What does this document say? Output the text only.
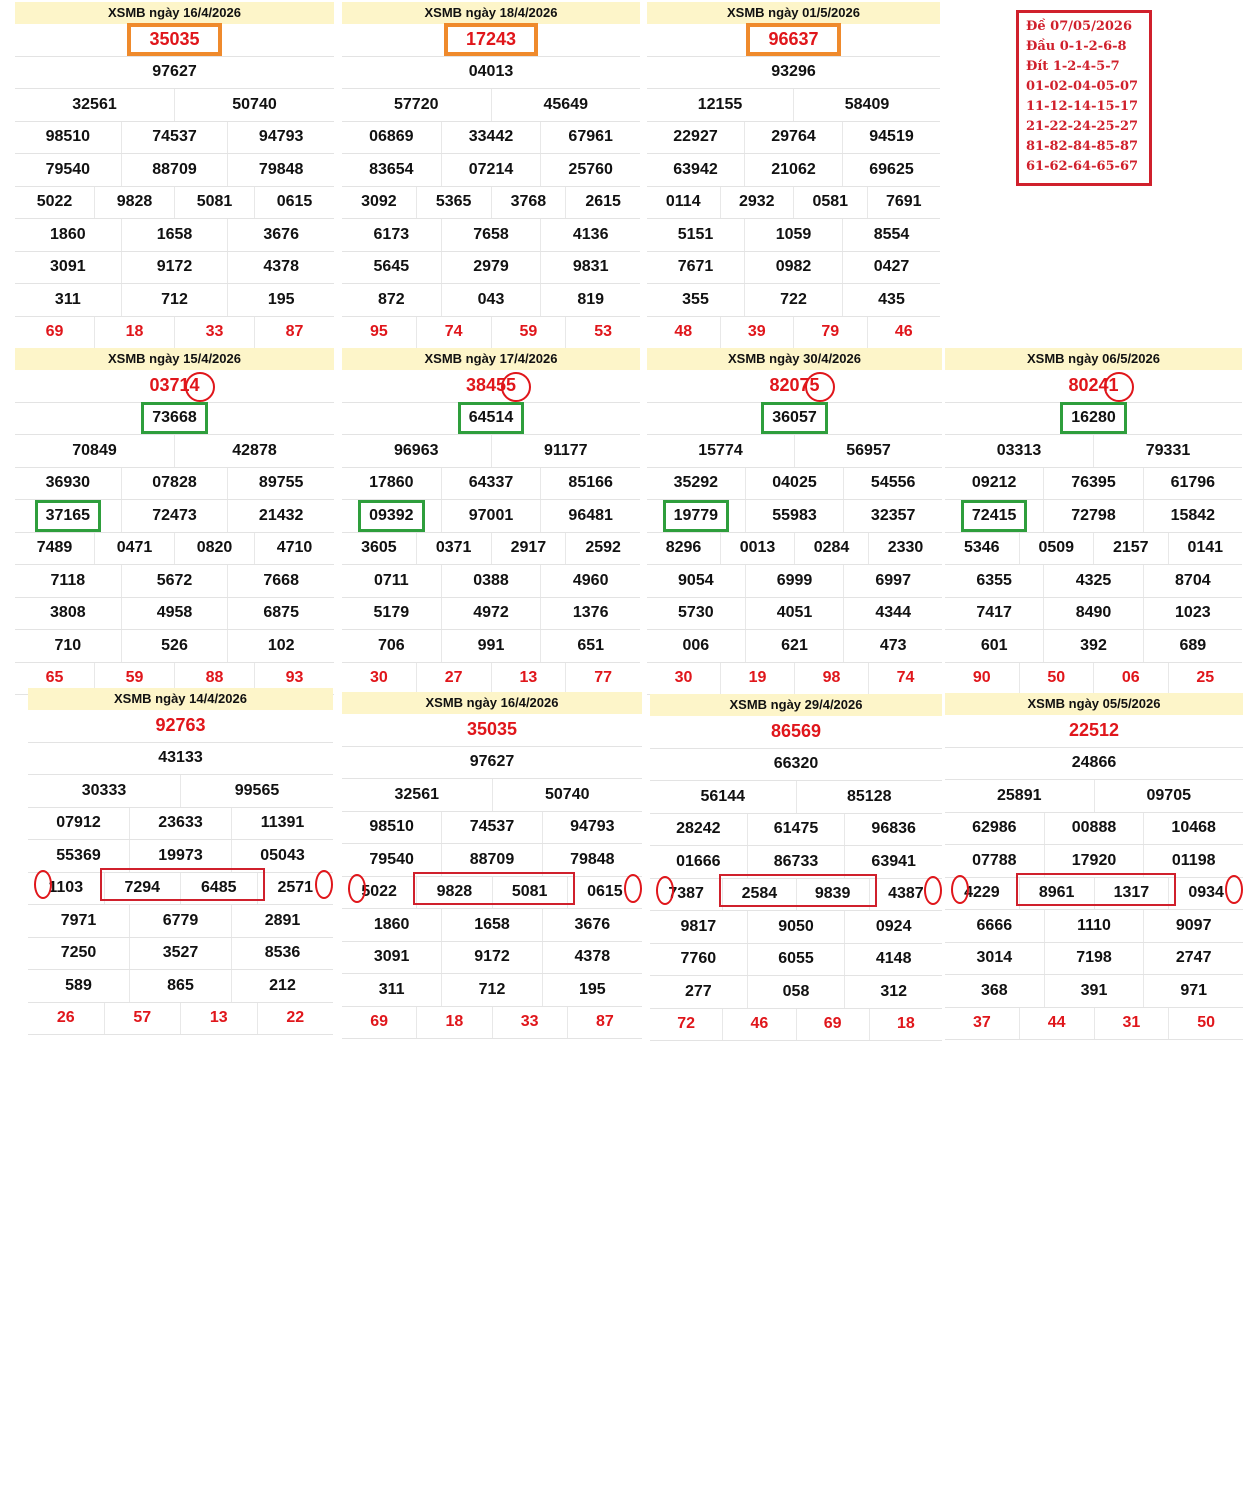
XSMB ngày 16/4/2026
35035
97627
32561	50740
98510	74537	94793
79540	88709	79848
5022	9828	5081	0615
1860	1658	3676
3091	9172	4378
311	712	195
69	18	33	87
XSMB ngày 18/4/2026
17243
04013
57720	45649
06869	33442	67961
83654	07214	25760
3092 5365 3768 2615
6173	7658	4136
5645	2979	9831
872	043	819
95	74	59	53
XSMB ngày 01/5/2026
96637
93296
12155	58409
22927	29764	94519
63942	21062	69625
0114 2932 0581 7691
5151	1059	8554
7671	0982	0427
355	722	435
48	39	79	46
XSMB ngày 15/4/2026
03714
73668
70849	42878
36930	07828	89755
37165	72473	21432
7489	0471	0820	4710
7118	5672	7668
3808	4958	6875
710	526	102
65	59	88	93
XSMB ngày 17/4/2026
38455
64514
96963	91177
17860	64337	85166
09392	97001	96481
3605 0371 2917 2592
0711	0388	4960
5179	4972	1376
706	991	651
30	27	13	77
XSMB ngày 30/4/2026
82075
36057
15774	56957
35292	04025	54556
19779	55983	32357
8296 0013 0284 2330
9054	6999	6997
5730	4051	4344
006	621	473
30	19	98	74
XSMB ngày 06/5/2026
80241
16280
03313	79331
09212	76395	61796
72415	72798	15842
5346 0509 2157 0141
6355	4325	8704
7417	8490	1023
601	392	689
90	50	06	25
XSMB ngày 14/4/2026
92763
43133
30333	99565
07912	23633	11391
55369	19973	05043
1103	7294	6485	2571
7971	6779	2891
7250	3527	8536
589	865	212
26	57	13	22
XSMB ngày 16/4/2026
35035
97627
32561	50740
98510	74537	94793
79540	88709	79848
5022 9828 5081 0615
1860	1658	3676
3091	9172	4378
311	712	195
69	18	33	87
XSMB ngày 29/4/2026
86569
66320
56144	85128
28242	61475	96836
01666	86733	63941
7387 2584 9839 4387
9817	9050	0924
7760	6055	4148
277	058	312
72	46	69	18
XSMB ngày 05/5/2026
22512
24866
25891	09705
62986	00888	10468
07788	17920	01198
4229 8961 1317 0934
6666	1110	9097
3014	7198	2747
368	391	971
37	44	31	50
Đề 07/05/2026
Đầu 0-1-2-6-8
Đít 1-2-4-5-7
01-02-04-05-07
11-12-14-15-17
21-22-24-25-27
81-82-84-85-87
61-62-64-65-67
